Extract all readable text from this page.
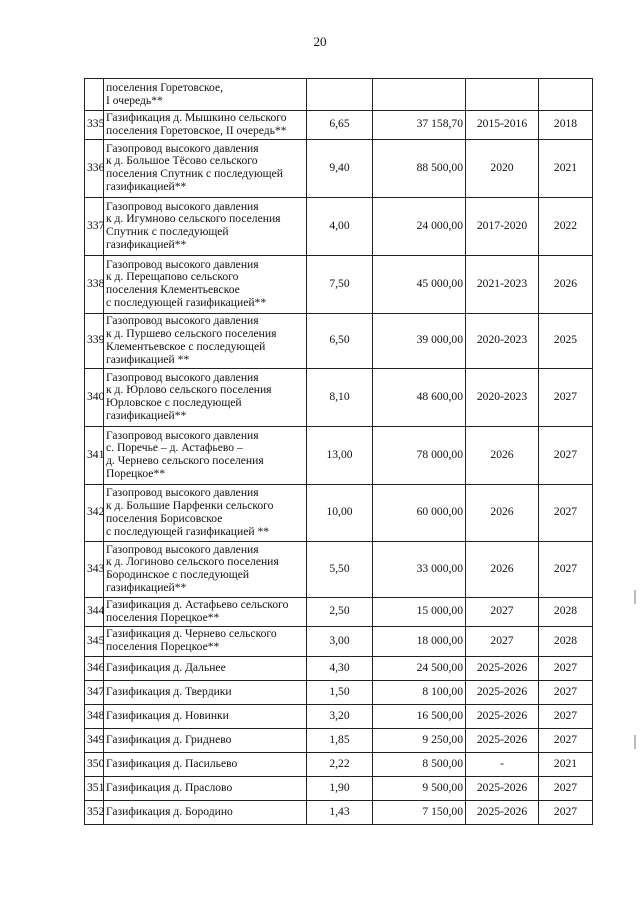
20
	поселения Горетовское,
I очередь**				
335	Газификация д. Мышкино сельского
поселения Горетовское, II очередь**	6,65	37 158,70	2015-2016	2018
336	Газопровод высокого давления
к д. Большое Тёсово сельского
поселения Спутник с последующей
газификацией**	9,40	88 500,00	2020	2021
337	Газопровод высокого давления
к д. Игумново сельского поселения
Спутник с последующей
газификацией**	4,00	24 000,00	2017-2020	2022
338	Газопровод высокого давления
к д. Перещапово сельского
поселения Клементьевское
с последующей газификацией**	7,50	45 000,00	2021-2023	2026
339	Газопровод высокого давления
к д. Пуршево сельского поселения
Клементьевское с последующей
газификацией **	6,50	39 000,00	2020-2023	2025
340	Газопровод высокого давления
к д. Юрлово сельского поселения
Юрловское с последующей
газификацией**	8,10	48 600,00	2020-2023	2027
341	Газопровод высокого давления
с. Поречье – д. Астафьево –
д. Чернево сельского поселения
Порецкое**	13,00	78 000,00	2026	2027
342	Газопровод высокого давления
к д. Большие Парфенки сельского
поселения Борисовское
с последующей газификацией **	10,00	60 000,00	2026	2027
343	Газопровод высокого давления
к д. Логиново сельского поселения
Бородинское с последующей
газификацией**	5,50	33 000,00	2026	2027
344	Газификация д. Астафьево сельского
поселения Порецкое**	2,50	15 000,00	2027	2028
345	Газификация д. Чернево сельского
поселения Порецкое**	3,00	18 000,00	2027	2028
346	Газификация д. Дальнее	4,30	24 500,00	2025-2026	2027
347	Газификация д. Твердики	1,50	8 100,00	2025-2026	2027
348	Газификация д. Новинки	3,20	16 500,00	2025-2026	2027
349	Газификация д. Гриднево	1,85	9 250,00	2025-2026	2027
350	Газификация д. Пасильево	2,22	8 500,00	-	2021
351	Газификация д. Праслово	1,90	9 500,00	2025-2026	2027
352	Газификация д. Бородино	1,43	7 150,00	2025-2026	2027
